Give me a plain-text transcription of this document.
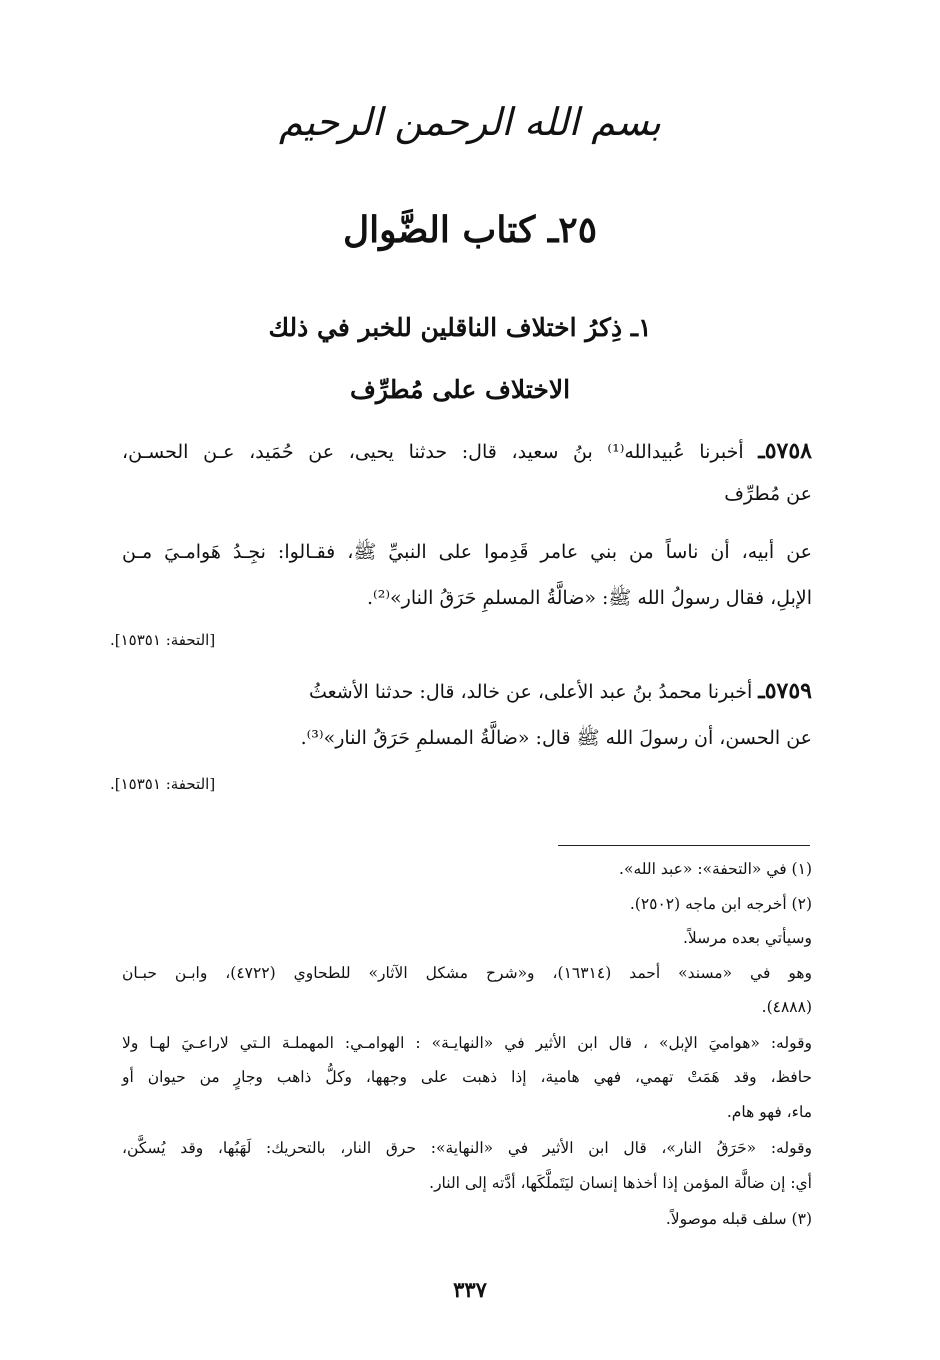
بسم الله الرحمن الرحيم
٢٥ـ كتاب الضَّوال
١ـ ذِكرُ اختلاف الناقلين للخبر في ذلك
الاختلاف على مُطرِّف
٥٧٥٨ـ أخبرنا عُبيدالله⁽¹⁾ بنُ سعيد، قال: حدثنا يحيى، عن حُمَيد، عـن الحسـن،
عن مُطرِّف
عن أبيه، أن ناساً من بني عامر قَدِموا على النبيِّ ﷺ، فقـالوا: نجِـدُ هَوامـيَ مـن
الإبلِ، فقال رسولُ الله ﷺ: «ضالَّةُ المسلمِ حَرَقُ النار»⁽²⁾.
[التحفة: ١٥٣٥١].
٥٧٥٩ـ أخبرنا محمدُ بنُ عبد الأعلى، عن خالد، قال: حدثنا الأشعثُ
عن الحسن، أن رسولَ الله ﷺ قال: «ضالَّةُ المسلمِ حَرَقُ النار»⁽³⁾.
[التحفة: ١٥٣٥١].
(١) في «التحفة»: «عبد الله».
(٢) أخرجه ابن ماجه (٢٥٠٢).
وسيأتي بعده مرسلاً.
وهو في «مسند» أحمد (١٦٣١٤)، و«شرح مشكل الآثار» للطحاوي (٤٧٢٢)، وابـن حبـان
(٤٨٨٨).
وقوله: «هواميَ الإبل» ، قال ابن الأثير في «النهايـة» : الهوامـي: المهملـة الـتي لاراعـيَ لهـا ولا
حافظ، وقد هَمَتْ تهمي، فهي هامية، إذا ذهبت على وجهها، وكلُّ ذاهب وجارٍ من حيوان أو
ماء، فهو هام.
وقوله: «حَرَقُ النار»، قال ابن الأثير في «النهاية»: حرق النار، بالتحريك: لَهَبُها، وقد يُسكَّن،
أي: إن ضالَّة المؤمن إذا أخذها إنسان ليَتَملَّكَها، أدَّته إلى النار.
(٣) سلف قبله موصولاً.
٣٣٧
